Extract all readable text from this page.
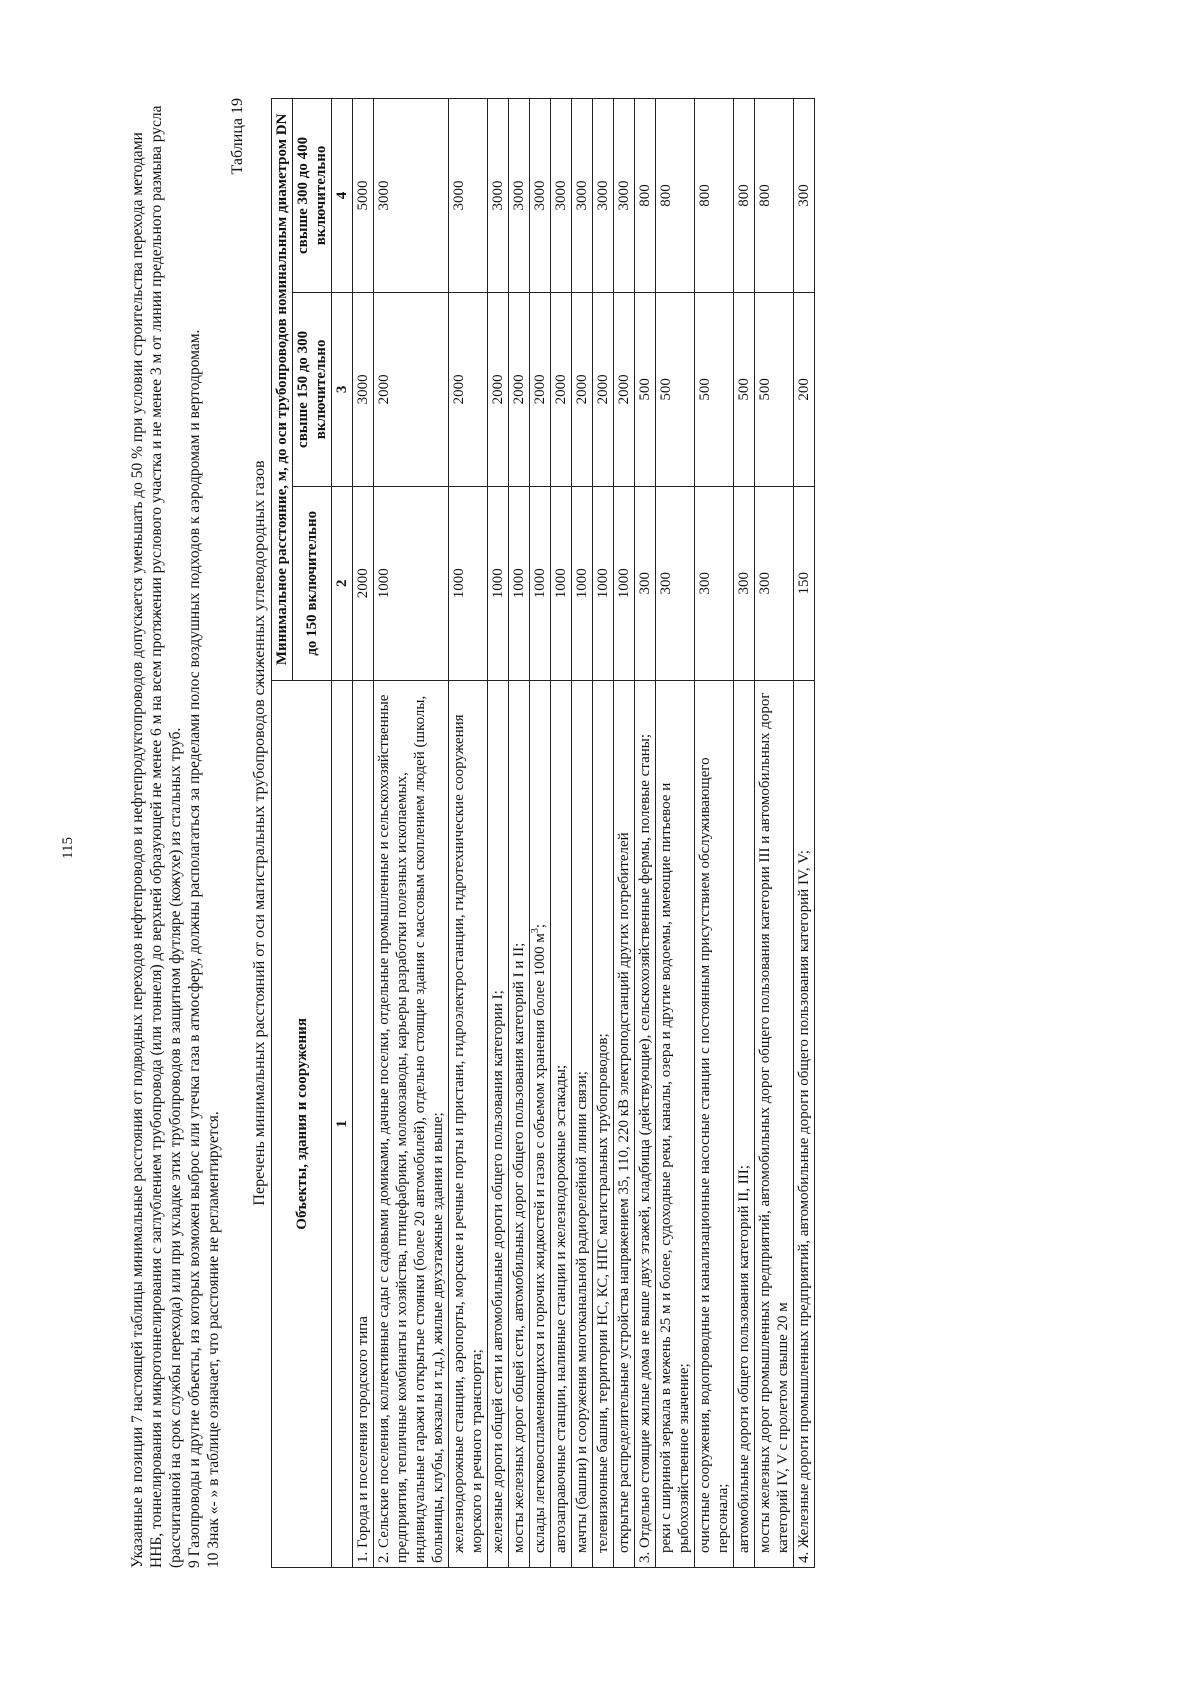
115	Указанные в позиции 7 настоящей таблицы минимальные расстояния от подводных переходов нефтепроводов и нефтепродуктопроводов допускается уменьшать до 50 % при условии строительства перехода методами ННБ, тоннелирования и микротоннелирования с заглублением трубопровода (или тоннеля) до верхней образующей не менее 6 м на всем протяжении руслового участка и не менее 3 м от линии предельного размыва русла (рассчитанной на срок службы перехода) или при укладке этих трубопроводов в защитном футляре (кожухе) из стальных труб. 9 Газопроводы и другие объекты, из которых возможен выброс или утечка газа в атмосферу, должны располагаться за пределами полос воздушных подходов к аэродромам и вертодромам. 10 Знак «- » в таблице означает, что расстояние не регламентируется.

Таблица 19
Перечень минимальных расстояний от оси магистральных трубопроводов сжиженных углеводородных газов Объекты, здания и сооружения	Минимальное расстояние, м, до оси трубопроводов номинальным диаметром DN		
	до 150 включительно	свыше 150 до 300 включительно	свыше 300 до 400 включительно
1	2	3	4
1. Города и поселения городского типа	2000	3000	5000
2. Сельские поселения, коллективные сады с садовыми домиками, дачные поселки, отдельные промышленные и сельскохозяйственные предприятия, тепличные комбинаты и хозяйства, птицефабрики, молокозаводы, карьеры разработки полезных ископаемых, индивидуальные гаражи и открытые стоянки (более 20 автомобилей), отдельно стоящие здания с массовым скоплением людей (школы, больницы, клубы, вокзалы и т.д.), жилые двухэтажные здания и выше;	1000	2000	3000
железнодорожные станции, аэропорты, морские и речные порты и пристани, гидроэлектростанции, гидротехнические сооружения морского и речного транспорта;	1000	2000	3000
железные дороги общей сети и автомобильные дороги общего пользования категории I;	1000	2000	3000
мосты железных дорог общей сети, автомобильных дорог общего пользования категорий I и II;	1000	2000	3000
склады легковоспламеняющихся и горючих жидкостей и газов с объемом хранения более 1000 $м^3$;	1000	2000	3000
автозаправочные станции, наливные станции и железнодорожные эстакады;	1000	2000	3000
мачты (башни) и сооружения многоканальной радиорелейной линии связи;	1000	2000	3000
телевизионные башни, территории НС, КС, НПС магистральных трубопроводов;	1000	2000	3000
открытые распределительные устройства напряжением 35, 110, 220 кВ электроподстанций других потребителей	1000	2000	3000
3. Отдельно стоящие жилые дома не выше двух этажей, кладбища (действующие), сельскохозяйственные фермы, полевые станы;	300	500	800
реки с шириной зеркала в межень 25 м и более, судоходные реки, каналы, озера и другие водоемы, имеющие питьевое и рыбохозяйственное значение;	300	500	800
очистные сооружения, водопроводные и канализационные насосные станции с постоянным присутствием обслуживающего персонала;	300	500	800
автомобильные дороги общего пользования категорий II, III;	300	500	800
мосты железных дорог промышленных предприятий, автомобильных дорог общего пользования категории III и автомобильных дорог категорий IV, V с пролетом свыше 20 м	300	500	800
4. Железные дороги промышленных предприятий, автомобильные дороги общего пользования категорий IV, V;	150	200	300
